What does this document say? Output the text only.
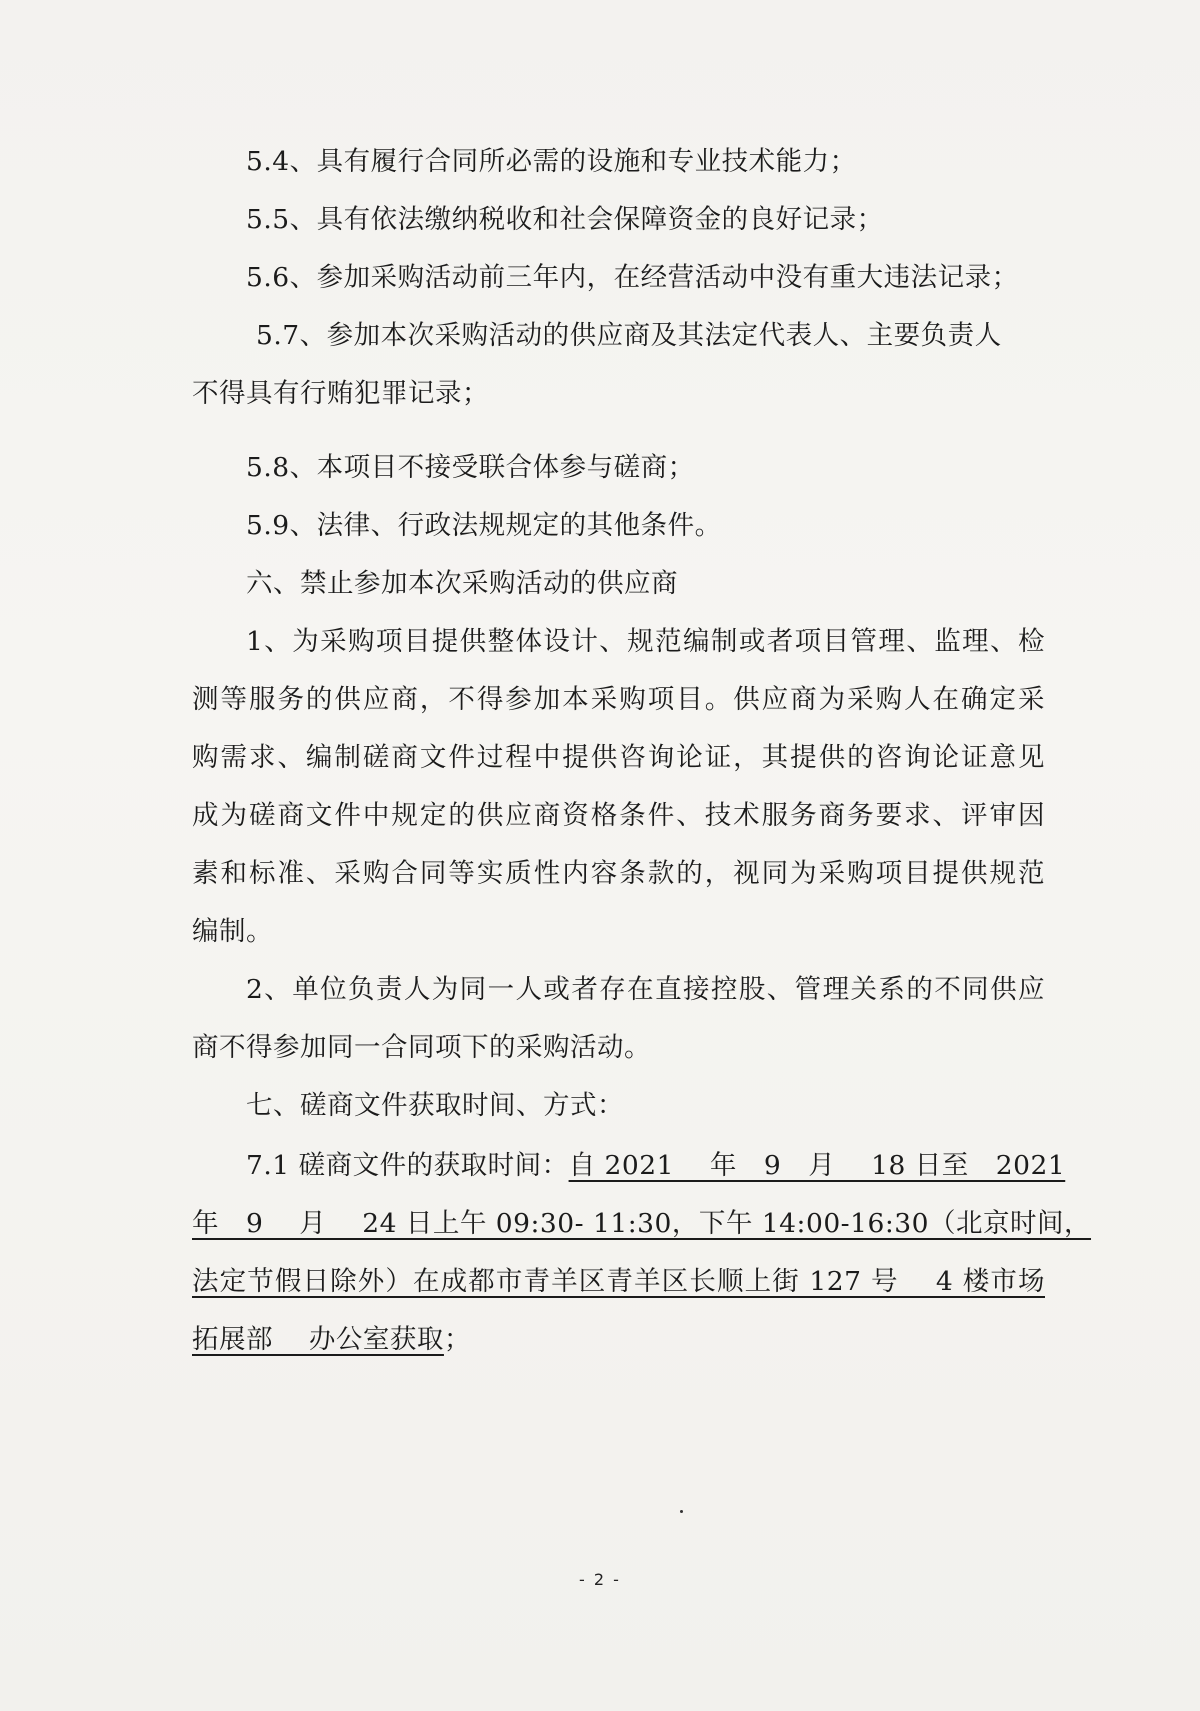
5.4、具有履行合同所必需的设施和专业技术能力；
5.5、具有依法缴纳税收和社会保障资金的良好记录；
5.6、参加采购活动前三年内，在经营活动中没有重大违法记录；
5.7、参加本次采购活动的供应商及其法定代表人、主要负责人
不得具有行贿犯罪记录；
5.8、本项目不接受联合体参与磋商；
5.9、法律、行政法规规定的其他条件。
六、禁止参加本次采购活动的供应商
1、为采购项目提供整体设计、规范编制或者项目管理、监理、检
测等服务的供应商，不得参加本采购项目。供应商为采购人在确定采
购需求、编制磋商文件过程中提供咨询论证，其提供的咨询论证意见
成为磋商文件中规定的供应商资格条件、技术服务商务要求、评审因
素和标准、采购合同等实质性内容条款的，视同为采购项目提供规范
编制。
2、单位负责人为同一人或者存在直接控股、管理关系的不同供应
商不得参加同一合同项下的采购活动。
七、磋商文件获取时间、方式：
7.1 磋商文件的获取时间：自 2021　 年　9　月　 18 日至　2021
年　9　 月　 24 日上午 09:30- 11:30，下午 14:00-16:30（北京时间，
法定节假日除外）在成都市青羊区青羊区长顺上街 127 号　 4 楼市场
拓展部　 办公室获取；
- 2 -
